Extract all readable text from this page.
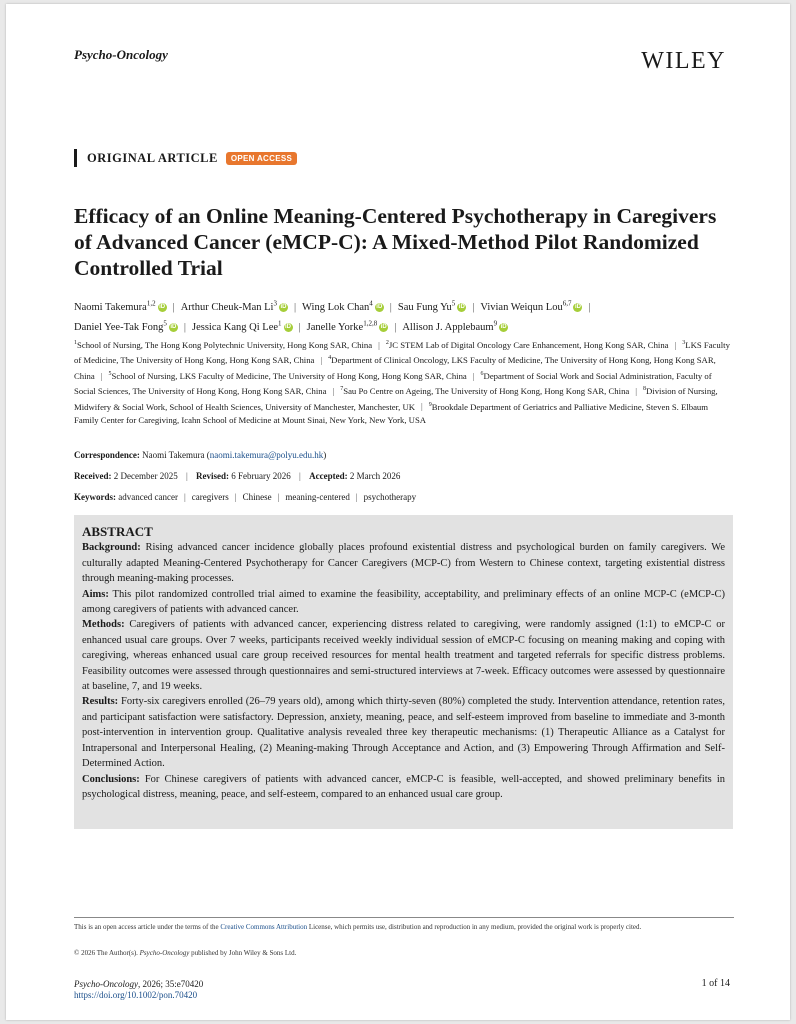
Psycho-Oncology	WILEY
ORIGINAL ARTICLE	OPEN ACCESS
Efficacy of an Online Meaning-Centered Psychotherapy in Caregivers of Advanced Cancer (eMCP-C): A Mixed-Method Pilot Randomized Controlled Trial
Naomi Takemura$^{1,2}$ iD | Arthur Cheuk-Man Li$^3$ iD | Wing Lok Chan$^4$ iD | Sau Fung Yu$^5$ iD | Vivian Weiqun Lou$^{6,7}$ iD |
Daniel Yee-Tak Fong$^5$ iD | Jessica Kang Qi Lee$^1$ iD | Janelle Yorke$^{1,2,8}$ iD | Allison J. Applebaum$^9$ iD
$^1$School of Nursing, The Hong Kong Polytechnic University, Hong Kong SAR, China | $^2$JC STEM Lab of Digital Oncology Care Enhancement, Hong Kong SAR, China | $^3$LKS Faculty of Medicine, The University of Hong Kong, Hong Kong SAR, China | $^4$Department of Clinical Oncology, LKS Faculty of Medicine, The University of Hong Kong, Hong Kong SAR, China | $^5$School of Nursing, LKS Faculty of Medicine, The University of Hong Kong, Hong Kong SAR, China | $^6$Department of Social Work and Social Administration, Faculty of Social Sciences, The University of Hong Kong, Hong Kong SAR, China | $^7$Sau Po Centre on Ageing, The University of Hong Kong, Hong Kong SAR, China | $^8$Division of Nursing, Midwifery & Social Work, School of Health Sciences, University of Manchester, Manchester, UK | $^9$Brookdale Department of Geriatrics and Palliative Medicine, Steven S. Elbaum Family Center for Caregiving, Icahn School of Medicine at Mount Sinai, New York, New York, USA
Correspondence: Naomi Takemura (naomi.takemura@polyu.edu.hk)
Received: 2 December 2025 | Revised: 6 February 2026 | Accepted: 2 March 2026
Keywords: advanced cancer | caregivers | Chinese | meaning-centered | psychotherapy
ABSTRACT

Background: Rising advanced cancer incidence globally places profound existential distress and psychological burden on family caregivers. We culturally adapted Meaning-Centered Psychotherapy for Cancer Caregivers (MCP-C) from Western to Chinese context, targeting existential distress through meaning-making processes.

Aims: This pilot randomized controlled trial aimed to examine the feasibility, acceptability, and preliminary effects of an online MCP-C (eMCP-C) among caregivers of patients with advanced cancer.

Methods: Caregivers of patients with advanced cancer, experiencing distress related to caregiving, were randomly assigned (1:1) to eMCP-C or enhanced usual care groups. Over 7 weeks, participants received weekly individual session of eMCP-C focusing on meaning making and coping with caregiving, whereas enhanced usual care group received resources for mental health treatment and targeted referrals for specific distress problems. Feasibility outcomes were assessed through questionnaires and semi-structured interviews at 7-week. Efficacy outcomes were assessed by questionnaire at baseline, 7, and 19 weeks.

Results: Forty-six caregivers enrolled (26–79 years old), among which thirty-seven (80%) completed the study. Intervention attendance, retention rates, and participant satisfaction were satisfactory. Depression, anxiety, meaning, peace, and self-esteem improved from baseline to immediate and 3-month post-intervention in intervention group. Qualitative analysis revealed three key therapeutic mechanisms: (1) Therapeutic Alliance as a Catalyst for Intrapersonal and Interpersonal Healing, (2) Meaning-making Through Acceptance and Action, and (3) Empowering Through Affirmation and Self-Determined Action.

Conclusions: For Chinese caregivers of patients with advanced cancer, eMCP-C is feasible, well-accepted, and showed preliminary benefits in psychological distress, meaning, peace, and self-esteem, compared to an enhanced usual care group.

This is an open access article under the terms of the Creative Commons Attribution License, which permits use, distribution and reproduction in any medium, provided the original work is properly cited.
© 2026 The Author(s). Psycho-Oncology published by John Wiley & Sons Ltd.
Psycho-Oncology, 2026; 35:e70420
https://doi.org/10.1002/pon.70420
1 of 14
